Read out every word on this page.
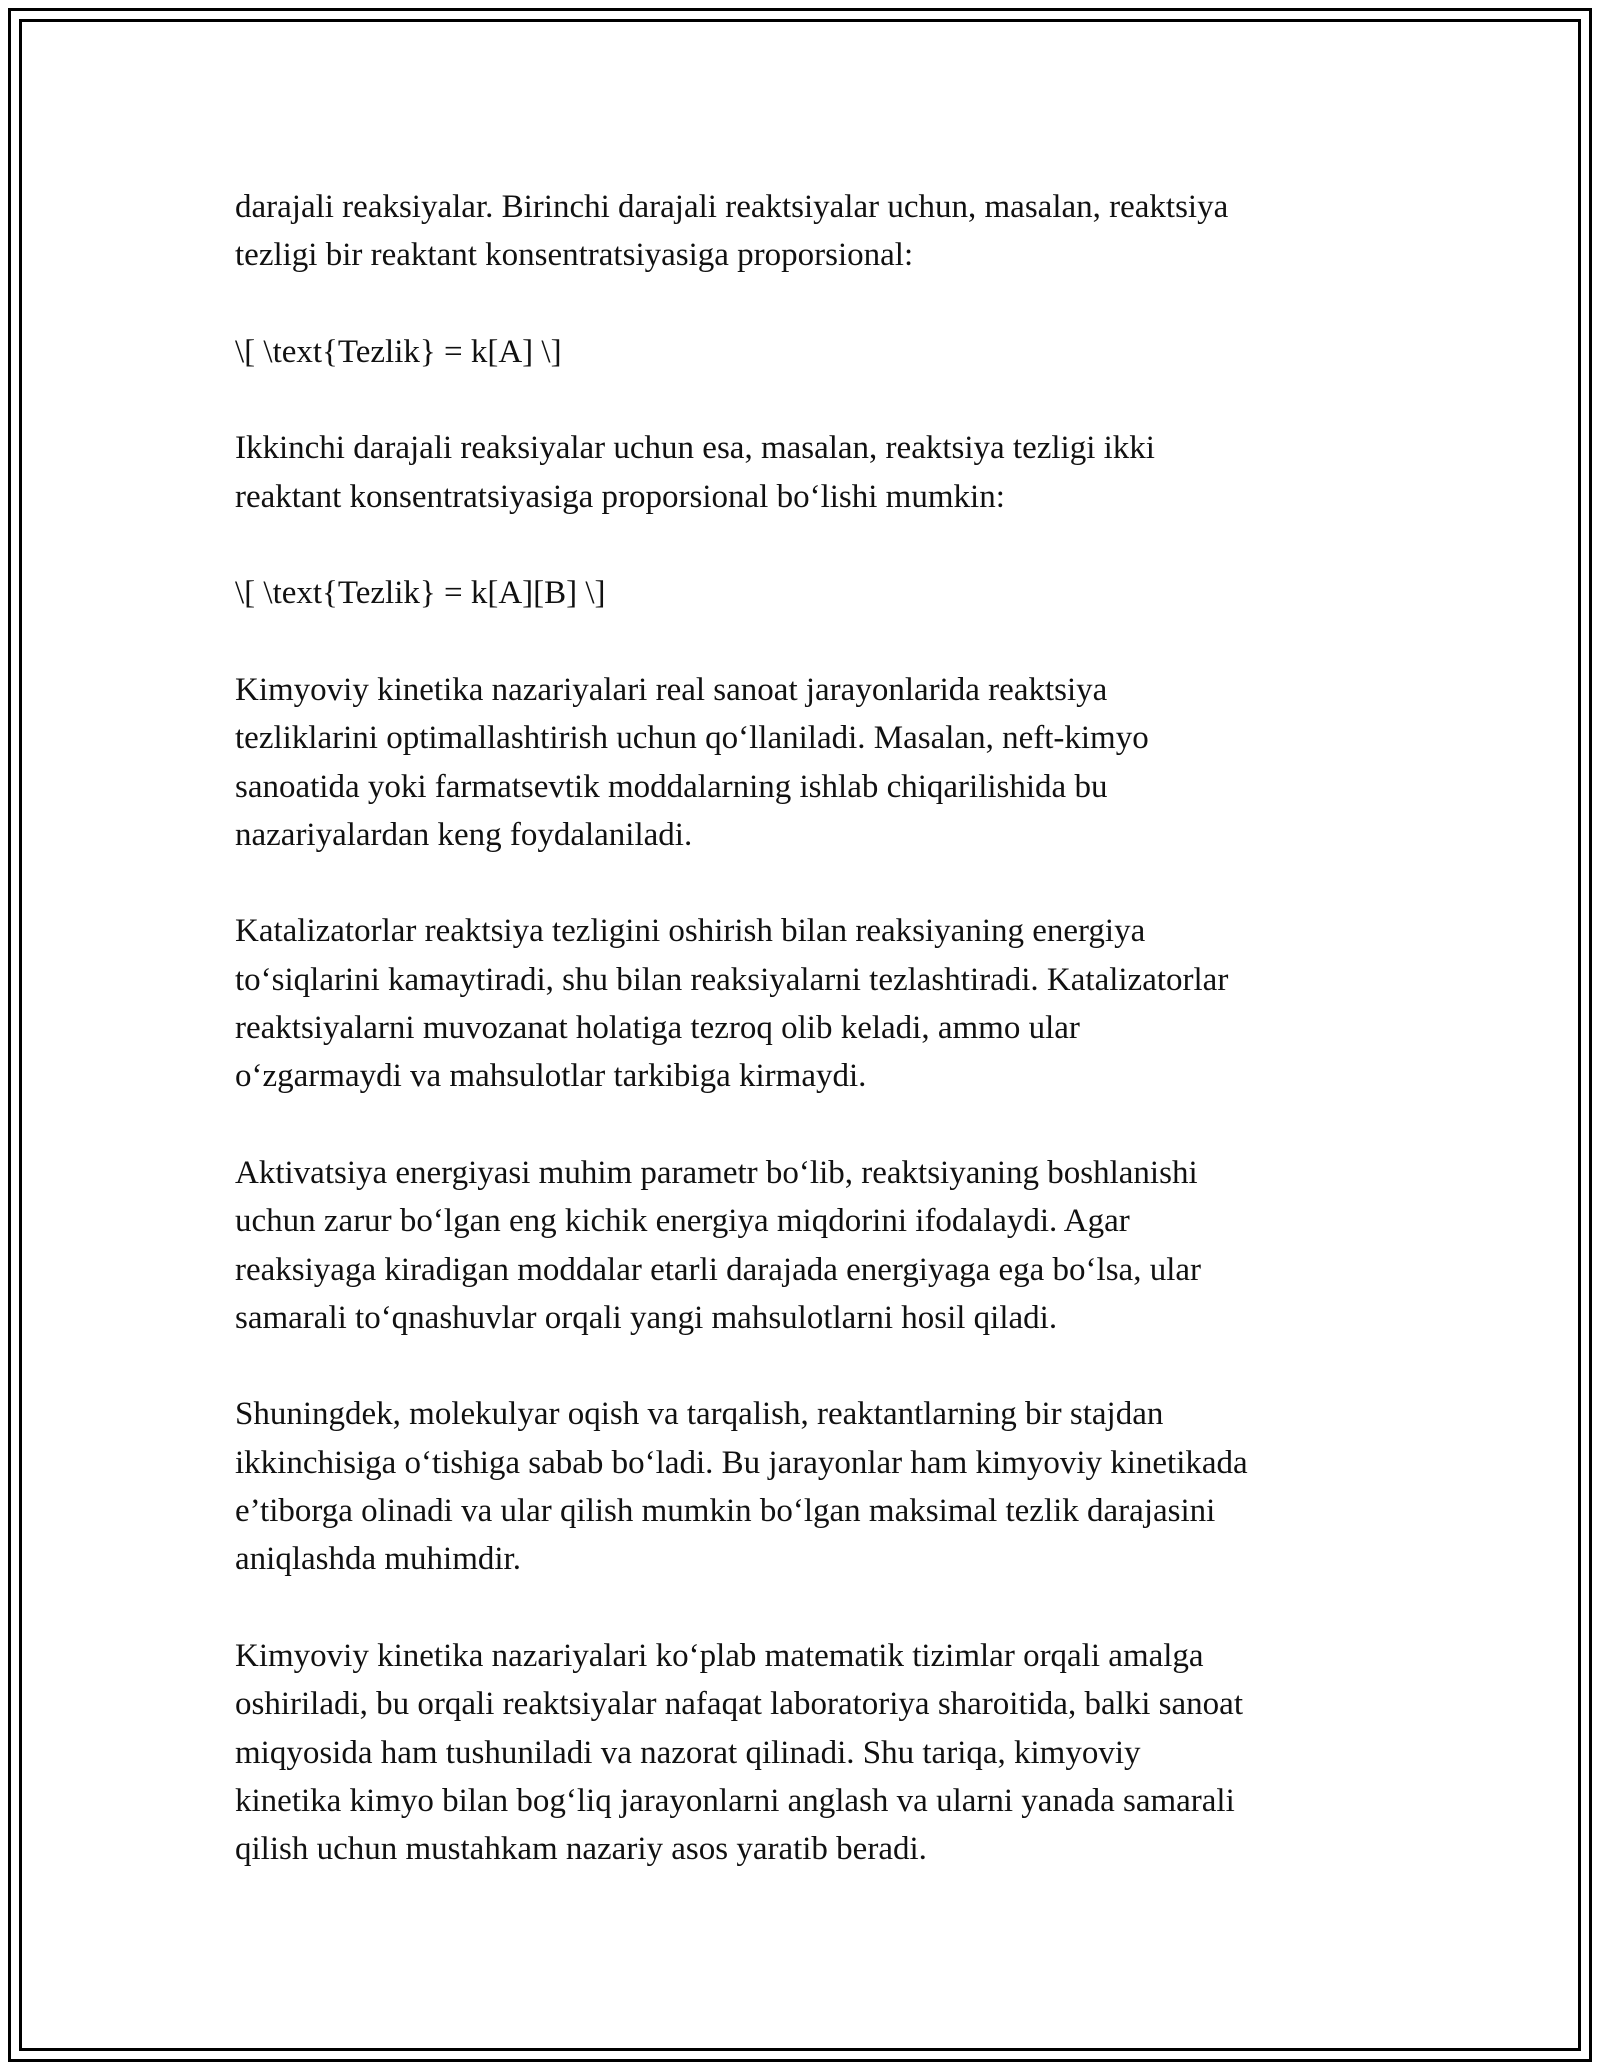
darajali reaksiyalar. Birinchi darajali reaktsiyalar uchun, masalan, reaktsiya
tezligi bir reaktant konsentratsiyasiga proporsional:

\[ \text{Tezlik} = k[A] \]

Ikkinchi darajali reaksiyalar uchun esa, masalan, reaktsiya tezligi ikki
reaktant konsentratsiyasiga proporsional bo‘lishi mumkin:

\[ \text{Tezlik} = k[A][B] \]

Kimyoviy kinetika nazariyalari real sanoat jarayonlarida reaktsiya
tezliklarini optimallashtirish uchun qo‘llaniladi. Masalan, neft-kimyo
sanoatida yoki farmatsevtik moddalarning ishlab chiqarilishida bu
nazariyalardan keng foydalaniladi.

Katalizatorlar reaktsiya tezligini oshirish bilan reaksiyaning energiya
to‘siqlarini kamaytiradi, shu bilan reaksiyalarni tezlashtiradi. Katalizatorlar
reaktsiyalarni muvozanat holatiga tezroq olib keladi, ammo ular
o‘zgarmaydi va mahsulotlar tarkibiga kirmaydi.

Aktivatsiya energiyasi muhim parametr bo‘lib, reaktsiyaning boshlanishi
uchun zarur bo‘lgan eng kichik energiya miqdorini ifodalaydi. Agar
reaksiyaga kiradigan moddalar etarli darajada energiyaga ega bo‘lsa, ular
samarali to‘qnashuvlar orqali yangi mahsulotlarni hosil qiladi.

Shuningdek, molekulyar oqish va tarqalish, reaktantlarning bir stajdan
ikkinchisiga o‘tishiga sabab bo‘ladi. Bu jarayonlar ham kimyoviy kinetikada
e’tiborga olinadi va ular qilish mumkin bo‘lgan maksimal tezlik darajasini
aniqlashda muhimdir.

Kimyoviy kinetika nazariyalari ko‘plab matematik tizimlar orqali amalga
oshiriladi, bu orqali reaktsiyalar nafaqat laboratoriya sharoitida, balki sanoat
miqyosida ham tushuniladi va nazorat qilinadi. Shu tariqa, kimyoviy
kinetika kimyo bilan bog‘liq jarayonlarni anglash va ularni yanada samarali
qilish uchun mustahkam nazariy asos yaratib beradi.
